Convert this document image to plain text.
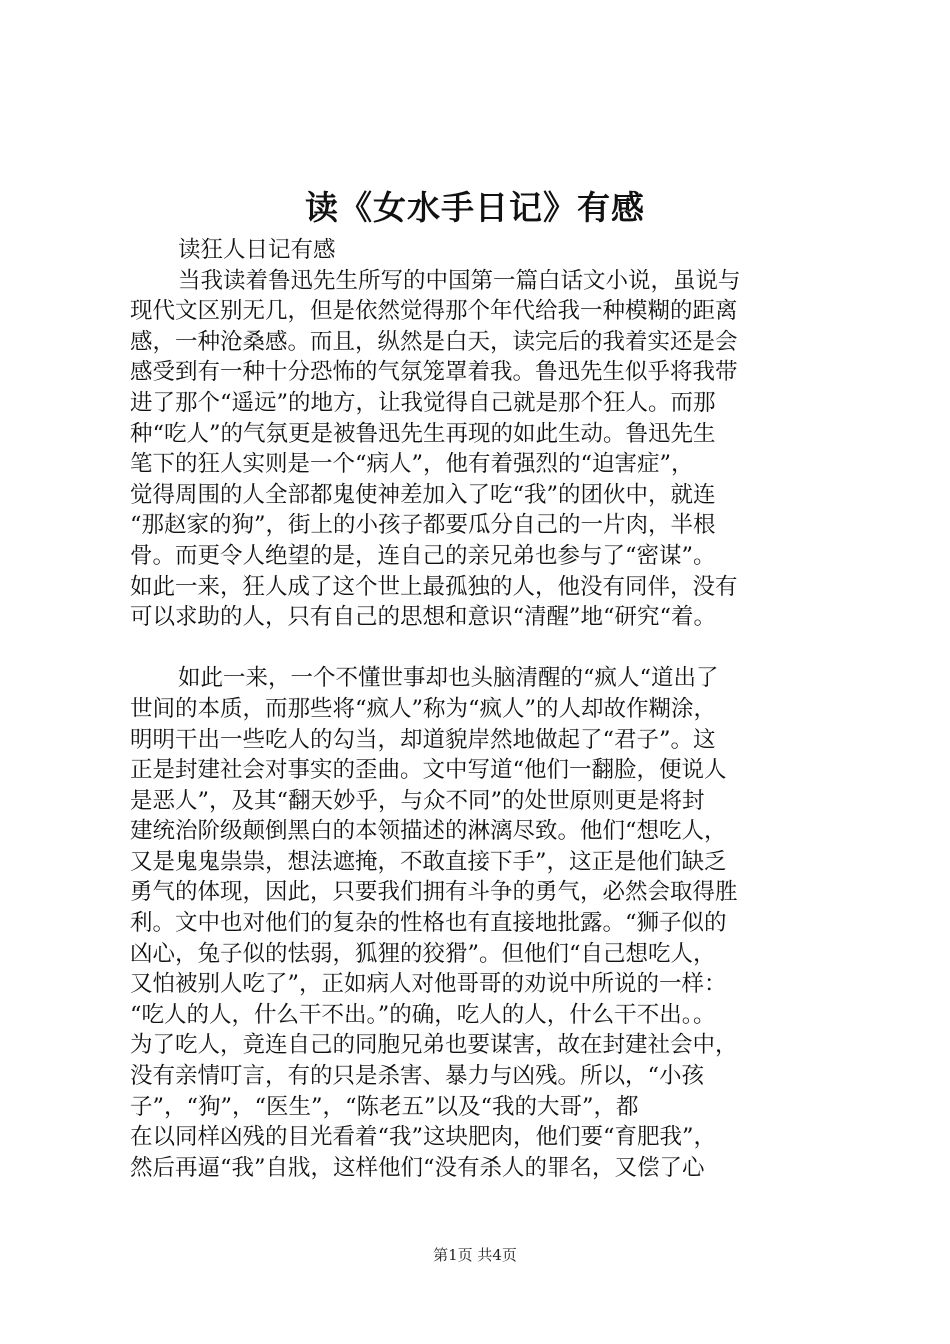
读《女水手日记》有感
读狂人日记有感
当我读着鲁迅先生所写的中国第一篇白话文小说，虽说与
现代文区别无几，但是依然觉得那个年代给我一种模糊的距离
感，一种沧桑感。而且，纵然是白天，读完后的我着实还是会
感受到有一种十分恐怖的气氛笼罩着我。鲁迅先生似乎将我带
进了那个“遥远”的地方，让我觉得自己就是那个狂人。而那
种“吃人”的气氛更是被鲁迅先生再现的如此生动。鲁迅先生
笔下的狂人实则是一个“病人”，他有着强烈的“迫害症”，
觉得周围的人全部都鬼使神差加入了吃“我”的团伙中，就连
“那赵家的狗”，街上的小孩子都要瓜分自己的一片肉，半根
骨。而更令人绝望的是，连自己的亲兄弟也参与了“密谋”。
如此一来，狂人成了这个世上最孤独的人，他没有同伴，没有
可以求助的人，只有自己的思想和意识“清醒”地“研究“着。
如此一来，一个不懂世事却也头脑清醒的“疯人“道出了
世间的本质，而那些将“疯人”称为“疯人”的人却故作糊涂，
明明干出一些吃人的勾当，却道貌岸然地做起了“君子”。这
正是封建社会对事实的歪曲。文中写道“他们一翻脸，便说人
是恶人”，及其“翻天妙乎，与众不同”的处世原则更是将封
建统治阶级颠倒黑白的本领描述的淋漓尽致。他们“想吃人，
又是鬼鬼祟祟，想法遮掩，不敢直接下手”，这正是他们缺乏
勇气的体现，因此，只要我们拥有斗争的勇气，必然会取得胜
利。文中也对他们的复杂的性格也有直接地批露。“狮子似的
凶心，兔子似的怯弱，狐狸的狡猾”。但他们“自己想吃人，
又怕被别人吃了”，正如病人对他哥哥的劝说中所说的一样：
“吃人的人，什么干不出。”的确，吃人的人，什么干不出。。
为了吃人，竟连自己的同胞兄弟也要谋害，故在封建社会中，
没有亲情叮言，有的只是杀害、暴力与凶残。所以，“小孩
子”，“狗”，“医生”，“陈老五”以及“我的大哥”，都
在以同样凶残的目光看着“我”这块肥肉，他们要“育肥我”，
然后再逼“我”自戕，这样他们“没有杀人的罪名，又偿了心
第1页 共4页
